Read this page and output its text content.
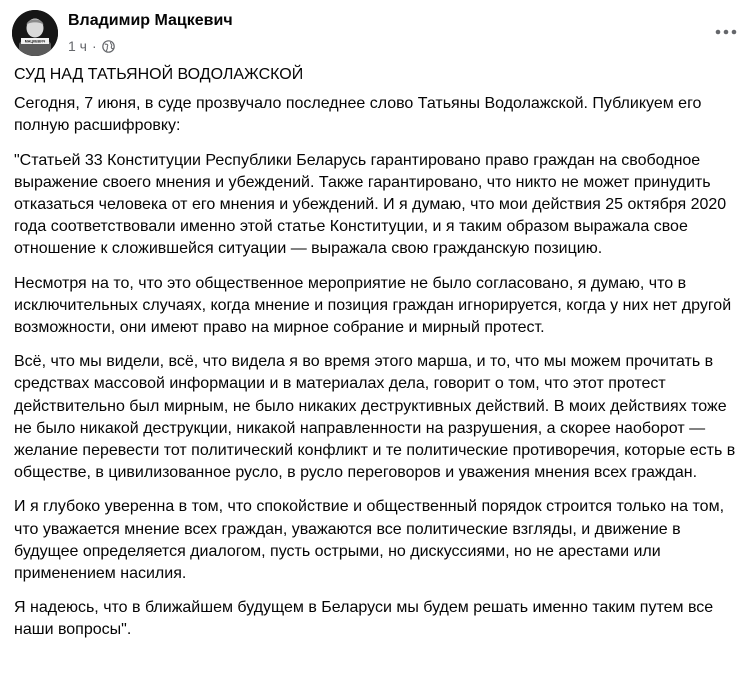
МАЦКЕВИЧ
Владимир Мацкевич
1 ч ·

СУД НАД ТАТЬЯНОЙ ВОДОЛАЖСКОЙ

Сегодня, 7 июня, в суде прозвучало последнее слово Татьяны Водолажской. Публикуем его полную расшифровку:

"Статьей 33 Конституции Республики Беларусь гарантировано право граждан на свободное выражение своего мнения и убеждений. Также гарантировано, что никто не может принудить отказаться человека от его мнения и убеждений. И я думаю, что мои действия 25 октября 2020 года соответствовали именно этой статье Конституции, и я таким образом выражала свое отношение к сложившейся ситуации — выражала свою гражданскую позицию.

Несмотря на то, что это общественное мероприятие не было согласовано, я думаю, что в исключительных случаях, когда мнение и позиция граждан игнорируется, когда у них нет другой возможности, они имеют право на мирное собрание и мирный протест.

Всё, что мы видели, всё, что видела я во время этого марша, и то, что мы можем прочитать в средствах массовой информации и в материалах дела, говорит о том, что этот протест действительно был мирным, не было никаких деструктивных действий. В моих действиях тоже не было никакой деструкции, никакой направленности на разрушения, а скорее наоборот — желание перевести тот политический конфликт и те политические противоречия, которые есть в обществе, в цивилизованное русло, в русло переговоров и уважения мнения всех граждан.

И я глубоко уверенна в том, что спокойствие и общественный порядок строится только на том, что уважается мнение всех граждан, уважаются все политические взгляды, и движение в будущее определяется диалогом, пусть острыми, но дискуссиями, но не арестами или применением насилия.

Я надеюсь, что в ближайшем будущем в Беларуси мы будем решать именно таким путем все наши вопросы".
